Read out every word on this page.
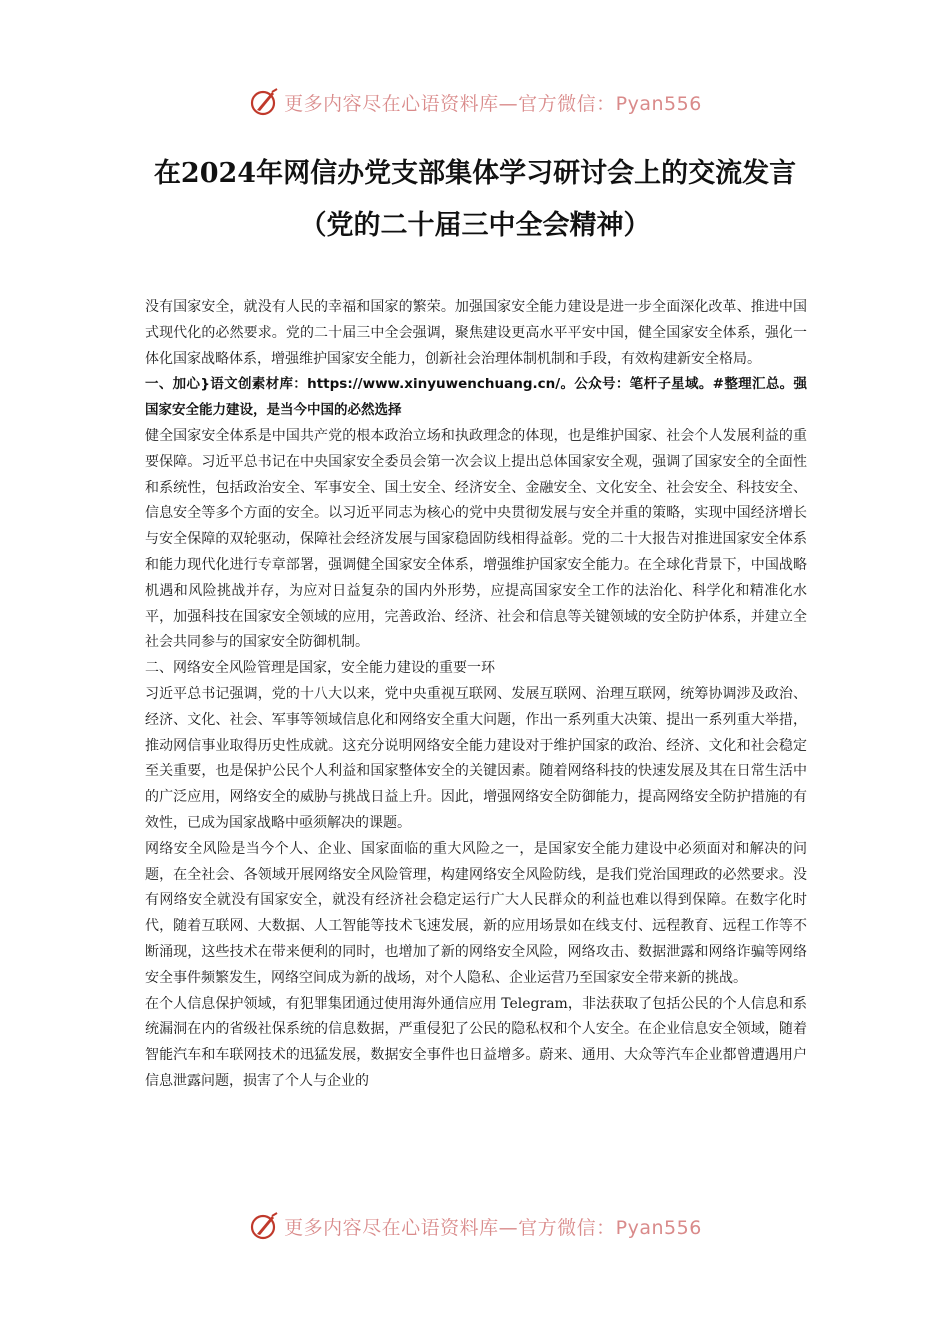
更多内容尽在心语资料库—官方微信：Pyan556
在2024年网信办党支部集体学习研讨会上的交流发言（党的二十届三中全会精神）

没有国家安全，就没有人民的幸福和国家的繁荣。加强国家安全能力建设是进一步全面深化改革、推进中国式现代化的必然要求。党的二十届三中全会强调，聚焦建设更高水平平安中国，健全国家安全体系，强化一体化国家战略体系，增强维护国家安全能力，创新社会治理体制机制和手段，有效构建新安全格局。

一、加心}语文创素材库：https://www.xinyuwenchuang.cn/。公众号：笔杆子星域。#整理汇总。强国家安全能力建设，是当今中国的必然选择

健全国家安全体系是中国共产党的根本政治立场和执政理念的体现，也是维护国家、社会个人发展利益的重要保障。习近平总书记在中央国家安全委员会第一次会议上提出总体国家安全观，强调了国家安全的全面性和系统性，包括政治安全、军事安全、国土安全、经济安全、金融安全、文化安全、社会安全、科技安全、信息安全等多个方面的安全。以习近平同志为核心的党中央贯彻发展与安全并重的策略，实现中国经济增长与安全保障的双轮驱动，保障社会经济发展与国家稳固防线相得益彰。党的二十大报告对推进国家安全体系和能力现代化进行专章部署，强调健全国家安全体系，增强维护国家安全能力。在全球化背景下，中国战略机遇和风险挑战并存，为应对日益复杂的国内外形势，应提高国家安全工作的法治化、科学化和精准化水平，加强科技在国家安全领域的应用，完善政治、经济、社会和信息等关键领域的安全防护体系，并建立全社会共同参与的国家安全防御机制。

二、网络安全风险管理是国家，安全能力建设的重要一环

习近平总书记强调，党的十八大以来，党中央重视互联网、发展互联网、治理互联网，统筹协调涉及政治、经济、文化、社会、军事等领域信息化和网络安全重大问题，作出一系列重大决策、提出一系列重大举措，推动网信事业取得历史性成就。这充分说明网络安全能力建设对于维护国家的政治、经济、文化和社会稳定至关重要，也是保护公民个人利益和国家整体安全的关键因素。随着网络科技的快速发展及其在日常生活中的广泛应用，网络安全的威胁与挑战日益上升。因此，增强网络安全防御能力，提高网络安全防护措施的有效性，已成为国家战略中亟须解决的课题。

网络安全风险是当今个人、企业、国家面临的重大风险之一，是国家安全能力建设中必须面对和解决的问题，在全社会、各领域开展网络安全风险管理，构建网络安全风险防线，是我们党治国理政的必然要求。没有网络安全就没有国家安全，就没有经济社会稳定运行广大人民群众的利益也难以得到保障。在数字化时代，随着互联网、大数据、人工智能等技术飞速发展，新的应用场景如在线支付、远程教育、远程工作等不断涌现，这些技术在带来便利的同时，也增加了新的网络安全风险，网络攻击、数据泄露和网络诈骗等网络安全事件频繁发生，网络空间成为新的战场，对个人隐私、企业运营乃至国家安全带来新的挑战。

在个人信息保护领域，有犯罪集团通过使用海外通信应用 Telegram，非法获取了包括公民的个人信息和系统漏洞在内的省级社保系统的信息数据，严重侵犯了公民的隐私权和个人安全。在企业信息安全领域，随着智能汽车和车联网技术的迅猛发展，数据安全事件也日益增多。蔚来、通用、大众等汽车企业都曾遭遇用户信息泄露问题，损害了个人与企业的

更多内容尽在心语资料库—官方微信：Pyan556
